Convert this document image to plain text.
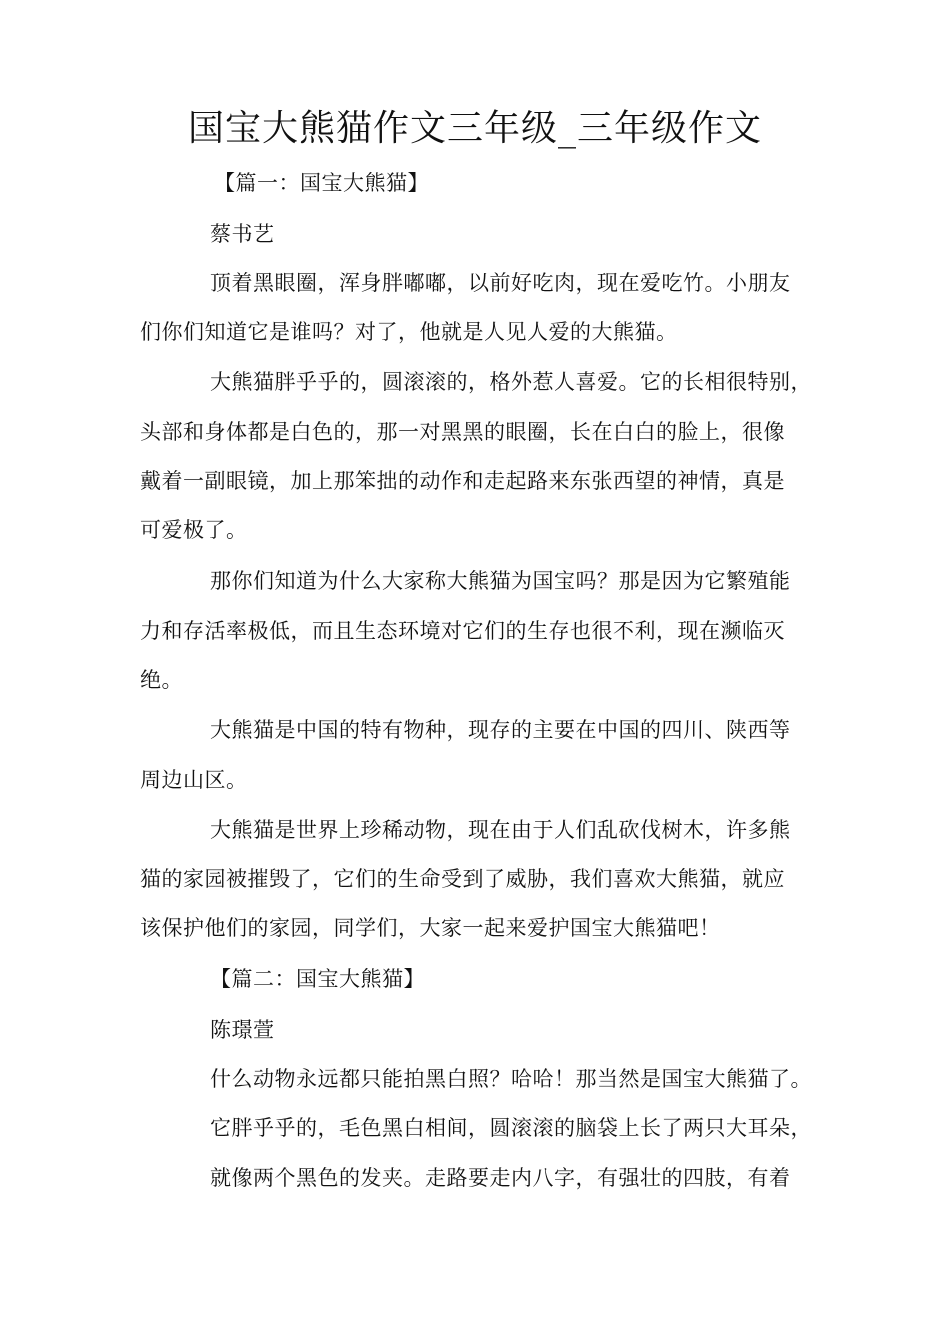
国宝大熊猫作文三年级_三年级作文
【篇一：国宝大熊猫】
蔡书艺
顶着黑眼圈，浑身胖嘟嘟，以前好吃肉，现在爱吃竹。小朋友
们你们知道它是谁吗？对了，他就是人见人爱的大熊猫。
大熊猫胖乎乎的，圆滚滚的，格外惹人喜爱。它的长相很特别，
头部和身体都是白色的，那一对黑黑的眼圈，长在白白的脸上，很像
戴着一副眼镜，加上那笨拙的动作和走起路来东张西望的神情，真是
可爱极了。
那你们知道为什么大家称大熊猫为国宝吗？那是因为它繁殖能
力和存活率极低，而且生态环境对它们的生存也很不利，现在濒临灭
绝。
大熊猫是中国的特有物种，现存的主要在中国的四川、陕西等
周边山区。
大熊猫是世界上珍稀动物，现在由于人们乱砍伐树木，许多熊
猫的家园被摧毁了，它们的生命受到了威胁，我们喜欢大熊猫，就应
该保护他们的家园，同学们，大家一起来爱护国宝大熊猫吧！
【篇二：国宝大熊猫】
陈璟萱
什么动物永远都只能拍黑白照？哈哈！那当然是国宝大熊猫了。
它胖乎乎的，毛色黑白相间，圆滚滚的脑袋上长了两只大耳朵，
就像两个黑色的发夹。走路要走内八字，有强壮的四肢，有着
